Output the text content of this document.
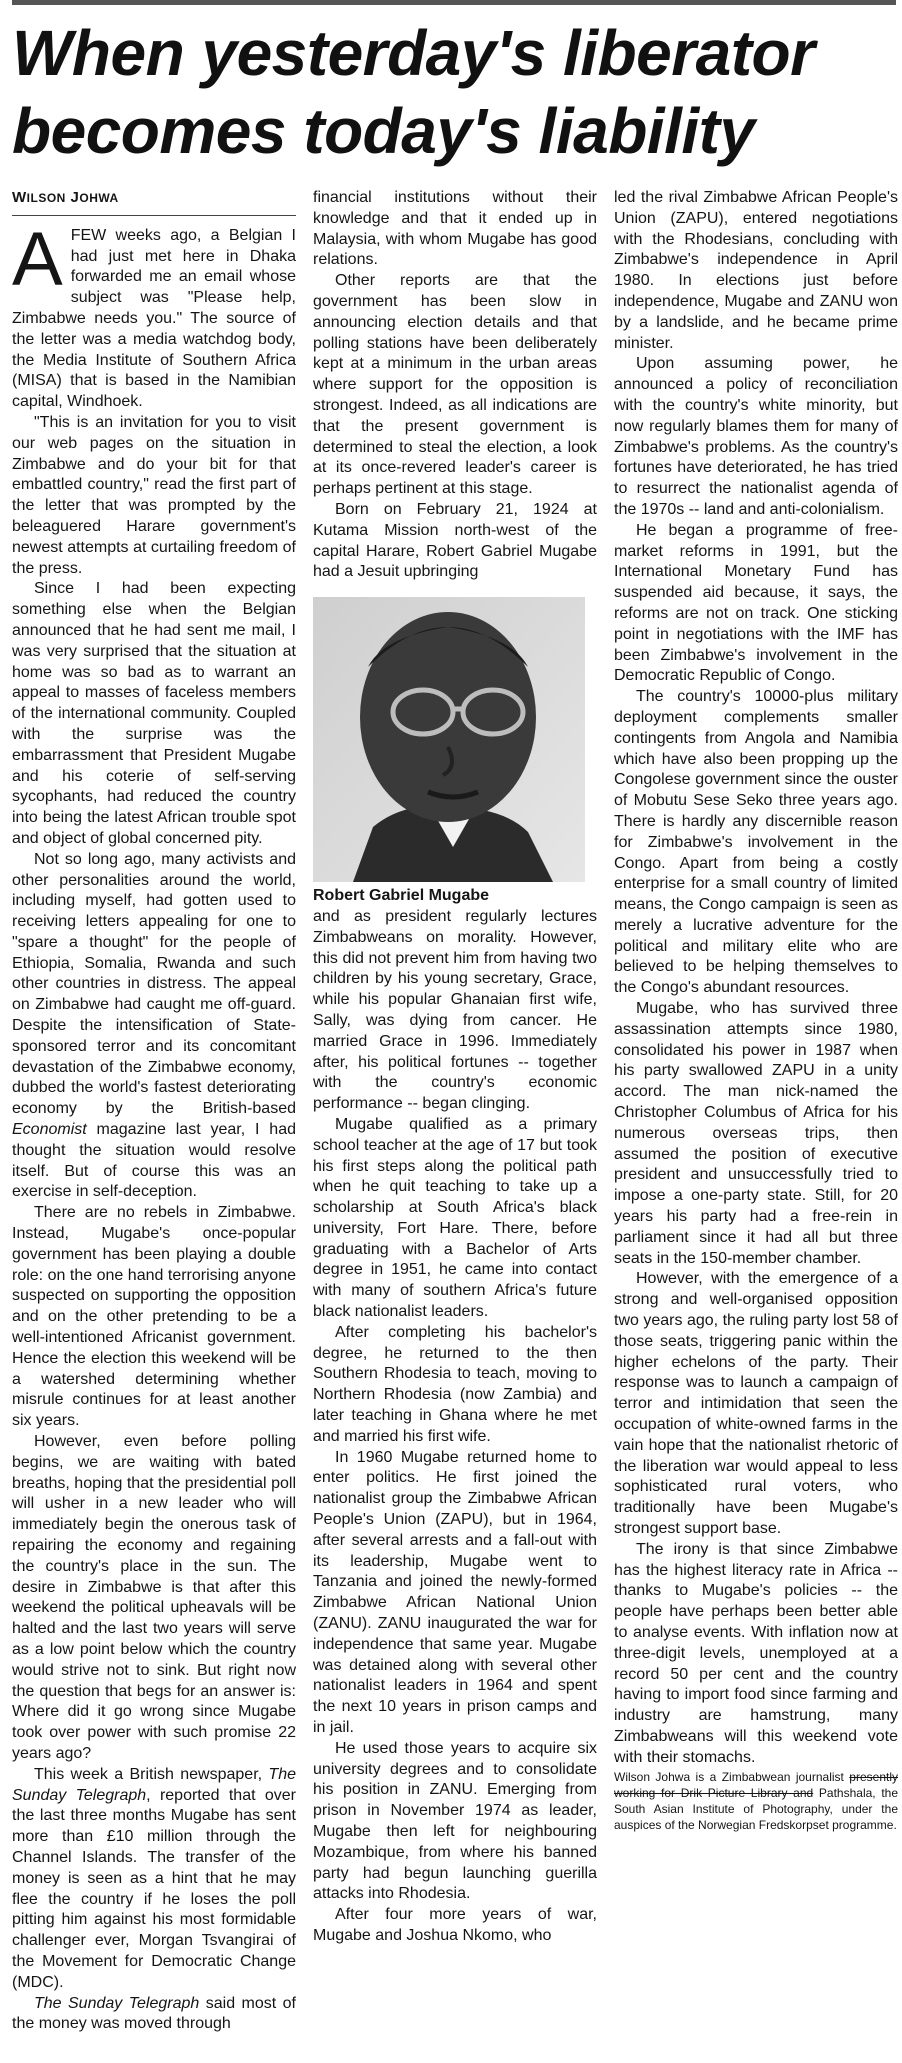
When yesterday's liberator becomes today's liability
WILSON JOHWA

AFEW weeks ago, a Belgian I had just met here in Dhaka forwarded me an email whose subject was "Please help, Zimbabwe needs you." The source of the letter was a media watchdog body, the Media Institute of Southern Africa (MISA) that is based in the Namibian capital, Windhoek.

"This is an invitation for you to visit our web pages on the situation in Zimbabwe and do your bit for that embattled country," read the first part of the letter that was prompted by the beleaguered Harare government's newest attempts at curtailing freedom of the press.

Since I had been expecting something else when the Belgian announced that he had sent me mail, I was very surprised that the situation at home was so bad as to warrant an appeal to masses of faceless members of the international community. Coupled with the surprise was the embarrassment that President Mugabe and his coterie of self-serving sycophants, had reduced the country into being the latest African trouble spot and object of global concerned pity.

Not so long ago, many activists and other personalities around the world, including myself, had gotten used to receiving letters appealing for one to "spare a thought" for the people of Ethiopia, Somalia, Rwanda and such other countries in distress. The appeal on Zimbabwe had caught me off-guard. Despite the intensification of State-sponsored terror and its concomitant devastation of the Zimbabwe economy, dubbed the world's fastest deteriorating economy by the British-based Economist magazine last year, I had thought the situation would resolve itself. But of course this was an exercise in self-deception.

There are no rebels in Zimbabwe. Instead, Mugabe's once-popular government has been playing a double role: on the one hand terrorising anyone suspected on supporting the opposition and on the other pretending to be a well-intentioned Africanist government. Hence the election this weekend will be a watershed determining whether misrule continues for at least another six years.

However, even before polling begins, we are waiting with bated breaths, hoping that the presidential poll will usher in a new leader who will immediately begin the onerous task of repairing the economy and regaining the country's place in the sun. The desire in Zimbabwe is that after this weekend the political upheavals will be halted and the last two years will serve as a low point below which the country would strive not to sink. But right now the question that begs for an answer is: Where did it go wrong since Mugabe took over power with such promise 22 years ago?

This week a British newspaper, The Sunday Telegraph, reported that over the last three months Mugabe has sent more than £10 million through the Channel Islands. The transfer of the money is seen as a hint that he may flee the country if he loses the poll pitting him against his most formidable challenger ever, Morgan Tsvangirai of the Movement for Democratic Change (MDC).

The Sunday Telegraph said most of the money was moved through

financial institutions without their knowledge and that it ended up in Malaysia, with whom Mugabe has good relations.

Other reports are that the government has been slow in announcing election details and that polling stations have been deliberately kept at a minimum in the urban areas where support for the opposition is strongest. Indeed, as all indications are that the present government is determined to steal the election, a look at its once-revered leader's career is perhaps pertinent at this stage.

Born on February 21, 1924 at Kutama Mission north-west of the capital Harare, Robert Gabriel Mugabe had a Jesuit upbringing

Robert Gabriel Mugabe

and as president regularly lectures Zimbabweans on morality. However, this did not prevent him from having two children by his young secretary, Grace, while his popular Ghanaian first wife, Sally, was dying from cancer. He married Grace in 1996. Immediately after, his political fortunes -- together with the country's economic performance -- began clinging.

Mugabe qualified as a primary school teacher at the age of 17 but took his first steps along the political path when he quit teaching to take up a scholarship at South Africa's black university, Fort Hare. There, before graduating with a Bachelor of Arts degree in 1951, he came into contact with many of southern Africa's future black nationalist leaders.

After completing his bachelor's degree, he returned to the then Southern Rhodesia to teach, moving to Northern Rhodesia (now Zambia) and later teaching in Ghana where he met and married his first wife.

In 1960 Mugabe returned home to enter politics. He first joined the nationalist group the Zimbabwe African People's Union (ZAPU), but in 1964, after several arrests and a fall-out with its leadership, Mugabe went to Tanzania and joined the newly-formed Zimbabwe African National Union (ZANU). ZANU inaugurated the war for independence that same year. Mugabe was detained along with several other nationalist leaders in 1964 and spent the next 10 years in prison camps and in jail.

He used those years to acquire six university degrees and to consolidate his position in ZANU. Emerging from prison in November 1974 as leader, Mugabe then left for neighbouring Mozambique, from where his banned party had begun launching guerilla attacks into Rhodesia.

After four more years of war, Mugabe and Joshua Nkomo, who

led the rival Zimbabwe African People's Union (ZAPU), entered negotiations with the Rhodesians, concluding with Zimbabwe's independence in April 1980. In elections just before independence, Mugabe and ZANU won by a landslide, and he became prime minister.

Upon assuming power, he announced a policy of reconciliation with the country's white minority, but now regularly blames them for many of Zimbabwe's problems. As the country's fortunes have deteriorated, he has tried to resurrect the nationalist agenda of the 1970s -- land and anti-colonialism.

He began a programme of free-market reforms in 1991, but the International Monetary Fund has suspended aid because, it says, the reforms are not on track. One sticking point in negotiations with the IMF has been Zimbabwe's involvement in the Democratic Republic of Congo.

The country's 10000-plus military deployment complements smaller contingents from Angola and Namibia which have also been propping up the Congolese government since the ouster of Mobutu Sese Seko three years ago. There is hardly any discernible reason for Zimbabwe's involvement in the Congo. Apart from being a costly enterprise for a small country of limited means, the Congo campaign is seen as merely a lucrative adventure for the political and military elite who are believed to be helping themselves to the Congo's abundant resources.

Mugabe, who has survived three assassination attempts since 1980, consolidated his power in 1987 when his party swallowed ZAPU in a unity accord. The man nick-named the Christopher Columbus of Africa for his numerous overseas trips, then assumed the position of executive president and unsuccessfully tried to impose a one-party state. Still, for 20 years his party had a free-rein in parliament since it had all but three seats in the 150-member chamber.

However, with the emergence of a strong and well-organised opposition two years ago, the ruling party lost 58 of those seats, triggering panic within the higher echelons of the party. Their response was to launch a campaign of terror and intimidation that seen the occupation of white-owned farms in the vain hope that the nationalist rhetoric of the liberation war would appeal to less sophisticated rural voters, who traditionally have been Mugabe's strongest support base.

The irony is that since Zimbabwe has the highest literacy rate in Africa -- thanks to Mugabe's policies -- the people have perhaps been better able to analyse events. With inflation now at three-digit levels, unemployed at a record 50 per cent and the country having to import food since farming and industry are hamstrung, many Zimbabweans will this weekend vote with their stomachs.

Wilson Johwa is a Zimbabwean journalist presently working for Drik Picture Library and Pathshala, the South Asian Institute of Photography, under the auspices of the Norwegian Fredskorpset programme.
